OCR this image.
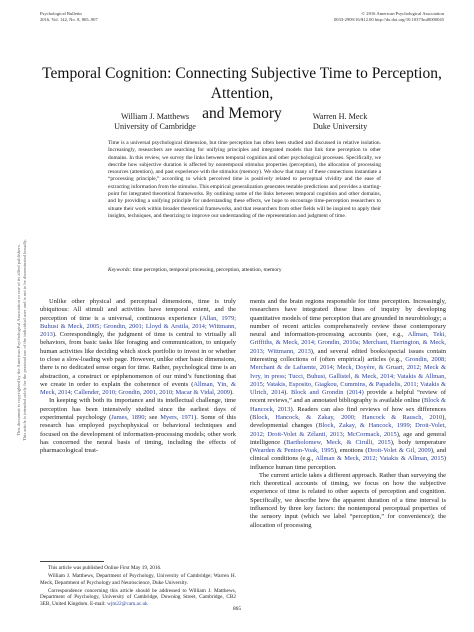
Psychological Bulletin
2016, Vol. 142, No. 8, 865–907
© 2016 American Psychological Association
0033-2909/16/$12.00 http://dx.doi.org/10.1037/bul0000045
This document is copyrighted by the American Psychological Association or one of its allied publishers. This article is intended solely for the personal use of the individual user and is not to be disseminated broadly.
Temporal Cognition: Connecting Subjective Time to Perception, Attention,
and Memory
William J. Matthews
University of Cambridge
Warren H. Meck
Duke University
Time is a universal psychological dimension, but time perception has often been studied and discussed in relative isolation. Increasingly, researchers are searching for unifying principles and integrated models that link time perception to other domains. In this review, we survey the links between temporal cognition and other psychological processes. Specifically, we describe how subjective duration is affected by nontemporal stimulus properties (perception), the allocation of processing resources (attention), and past experience with the stimulus (memory). We show that many of these connections instantiate a “processing principle,” according to which perceived time is positively related to perceptual vividity and the ease of extracting information from the stimulus. This empirical generalization generates testable predictions and provides a starting-point for integrated theoretical frameworks. By outlining some of the links between temporal cognition and other domains, and by providing a unifying principle for understanding these effects, we hope to encourage time-perception researchers to situate their work within broader theoretical frameworks, and that researchers from other fields will be inspired to apply their insights, techniques, and theorizing to improve our understanding of the representation and judgment of time.
Keywords: time perception, temporal processing, perception, attention, memory

Unlike other physical and perceptual dimensions, time is truly ubiquitous: All stimuli and activities have temporal extent, and the perception of time is a universal, continuous experience (Allan, 1979; Buhusi & Meck, 2005; Grondin, 2001; Lloyd & Arstila, 2014; Wittmann, 2013). Correspondingly, the judgment of time is central to virtually all behaviors, from basic tasks like foraging and communication, to uniquely human activities like deciding which stock portfolio to invest in or whether to close a slow-loading web page. However, unlike other basic dimensions, there is no dedicated sense organ for time. Rather, psychological time is an abstraction, a construct or epiphenomenon of our mind’s functioning that we create in order to explain the coherence of events (Allman, Yin, & Meck, 2014; Callender, 2010; Grondin, 2001, 2010; Macar & Vidal, 2009).

In keeping with both its importance and its intellectual challenge, time perception has been intensively studied since the earliest days of experimental psychology (James, 1890; see Myers, 1971). Some of this research has employed psychophysical or behavioral techniques and focused on the development of information-processing models; other work has concerned the neural basis of timing, including the effects of pharmacological treat-

ments and the brain regions responsible for time perception. Increasingly, researchers have integrated these lines of inquiry by developing quantitative models of time perception that are grounded in neurobiology; a number of recent articles comprehensively review these contemporary neural and information-processing accounts (see, e.g., Allman, Teki, Griffiths, & Meck, 2014; Grondin, 2010a; Merchant, Harrington, & Meck, 2013; Wittmann, 2013), and several edited books/special issues contain interesting collections of (often empirical) articles (e.g., Grondin, 2008; Merchant & de Lafuente, 2014; Meck, Doyère, & Gruart, 2012; Meck & Ivry, in press; Tucci, Buhusi, Gallistel, & Meck, 2014; Vatakis & Allman, 2015; Vatakis, Esposito, Giagkou, Cummins, & Papadelis, 2011; Vatakis & Ulrich, 2014). Block and Grondin (2014) provide a helpful “review of recent reviews,” and an annotated bibliography is available online (Block & Hancock, 2013). Readers can also find reviews of how sex differences (Block, Hancock, & Zakay, 2000; Hancock & Rausch, 2010), developmental changes (Block, Zakay, & Hancock, 1999; Droit-Volet, 2012; Droit-Volet & Zélanti, 2013; McCormack, 2015), age and general intelligence (Bartholomew, Meck, & Cirulli, 2015), body temperature (Wearden & Penton-Voak, 1995), emotions (Droit-Volet & Gil, 2009), and clinical conditions (e.g., Allman & Meck, 2012; Vatakis & Allman, 2015) influence human time perception.

The current article takes a different approach. Rather than surveying the rich theoretical accounts of timing, we focus on how the subjective experience of time is related to other aspects of perception and cognition. Specifically, we describe how the apparent duration of a time interval is influenced by three key factors: the nontemporal perceptual properties of the sensory input (which we label “perception,” for convenience); the allocation of processing

This article was published Online First May 19, 2016.

William J. Matthews, Department of Psychology, University of Cambridge; Warren H. Meck, Department of Psychology and Neuroscience, Duke University.

Correspondence concerning this article should be addressed to William J. Matthews, Department of Psychology, University of Cambridge, Downing Street, Cambridge, CB2 3EB, United Kingdom. E-mail: wjm22@cam.ac.uk

865
